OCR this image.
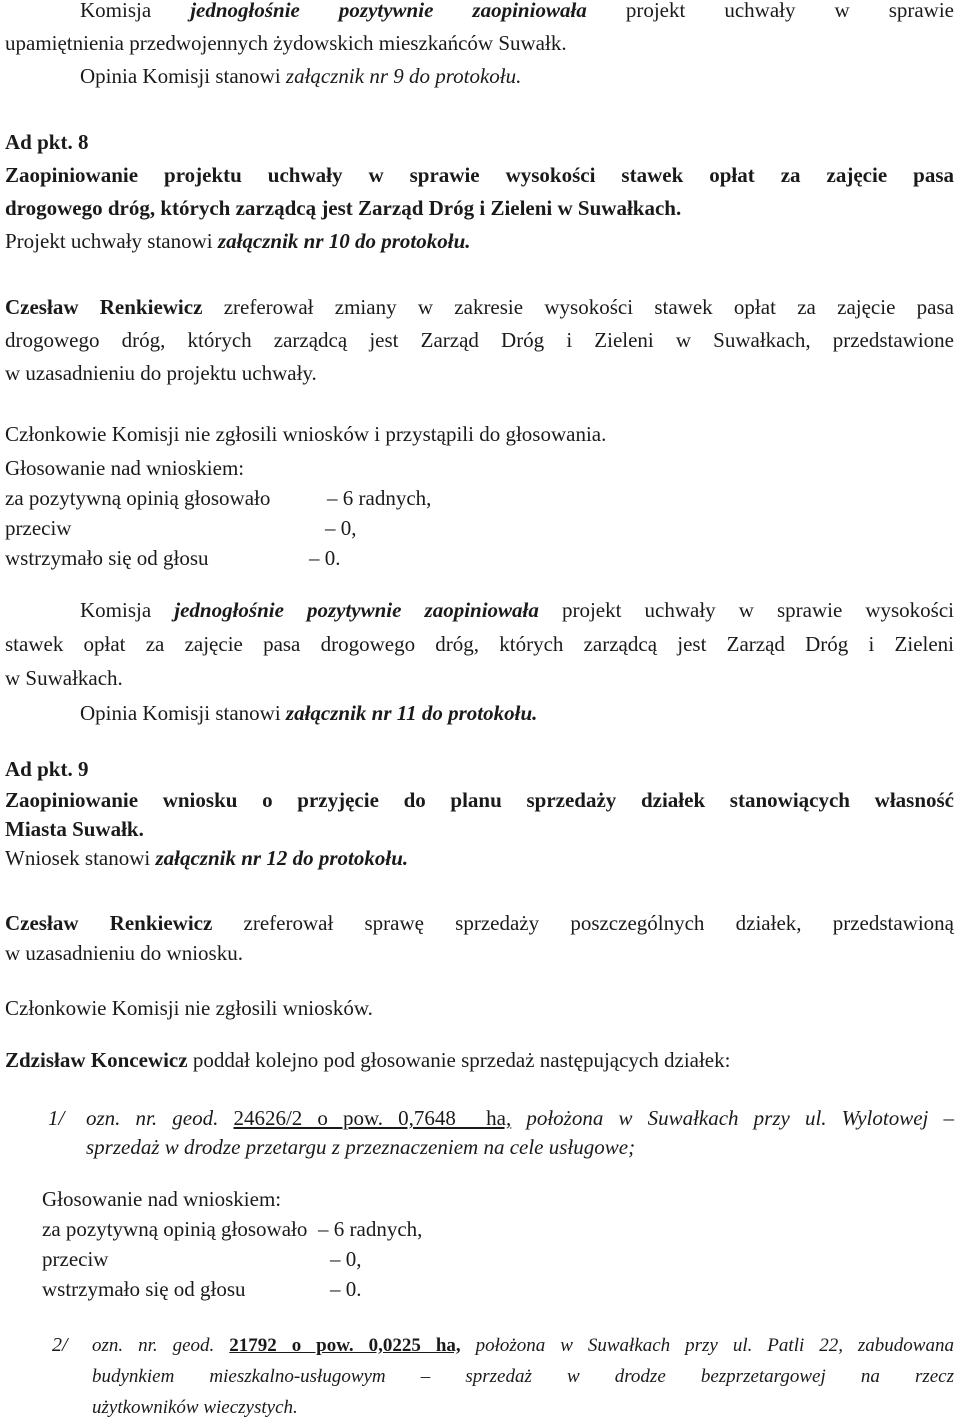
Komisja jednogłośnie pozytywnie zaopiniowała projekt uchwały w sprawie
upamiętnienia przedwojennych żydowskich mieszkańców Suwałk.
Opinia Komisji stanowi załącznik nr 9 do protokołu.
Ad pkt. 8
Zaopiniowanie projektu uchwały w sprawie wysokości stawek opłat za zajęcie pasa
drogowego dróg, których zarządcą jest Zarząd Dróg i Zieleni w Suwałkach.
Projekt uchwały stanowi załącznik nr 10 do protokołu.
Czesław Renkiewicz zreferował zmiany w zakresie wysokości stawek opłat za zajęcie pasa
drogowego dróg, których zarządcą jest Zarząd Dróg i Zieleni w Suwałkach, przedstawione
w uzasadnieniu do projektu uchwały.
Członkowie Komisji nie zgłosili wniosków i przystąpili do głosowania.
Głosowanie nad wnioskiem:
za pozytywną opinią głosowało	– 6 radnych,
przeciw	– 0,
wstrzymało się od głosu	– 0.
Komisja jednogłośnie pozytywnie zaopiniowała projekt uchwały w sprawie wysokości
stawek opłat za zajęcie pasa drogowego dróg, których zarządcą jest Zarząd Dróg i Zieleni
w Suwałkach.
Opinia Komisji stanowi załącznik nr 11 do protokołu.
Ad pkt. 9
Zaopiniowanie wniosku o przyjęcie do planu sprzedaży działek stanowiących własność
Miasta Suwałk.
Wniosek stanowi załącznik nr 12 do protokołu.
Czesław Renkiewicz zreferował sprawę sprzedaży poszczególnych działek, przedstawioną
w uzasadnieniu do wniosku.
Członkowie Komisji nie zgłosili wniosków.
Zdzisław Koncewicz poddał kolejno pod głosowanie sprzedaż następujących działek:
1/ ozn. nr. geod. 24626/2 o pow. 0,7648  ha, położona w Suwałkach przy ul. Wylotowej –
sprzedaż w drodze przetargu z przeznaczeniem na cele usługowe;
Głosowanie nad wnioskiem:
za pozytywną opinią głosowało – 6 radnych,
przeciw	– 0,
wstrzymało się od głosu	– 0.
2/ ozn. nr. geod. 21792 o pow. 0,0225 ha, położona w Suwałkach przy ul. Patli 22, zabudowana
budynkiem mieszkalno-usługowym – sprzedaż w drodze bezprzetargowej na rzecz
użytkowników wieczystych.
